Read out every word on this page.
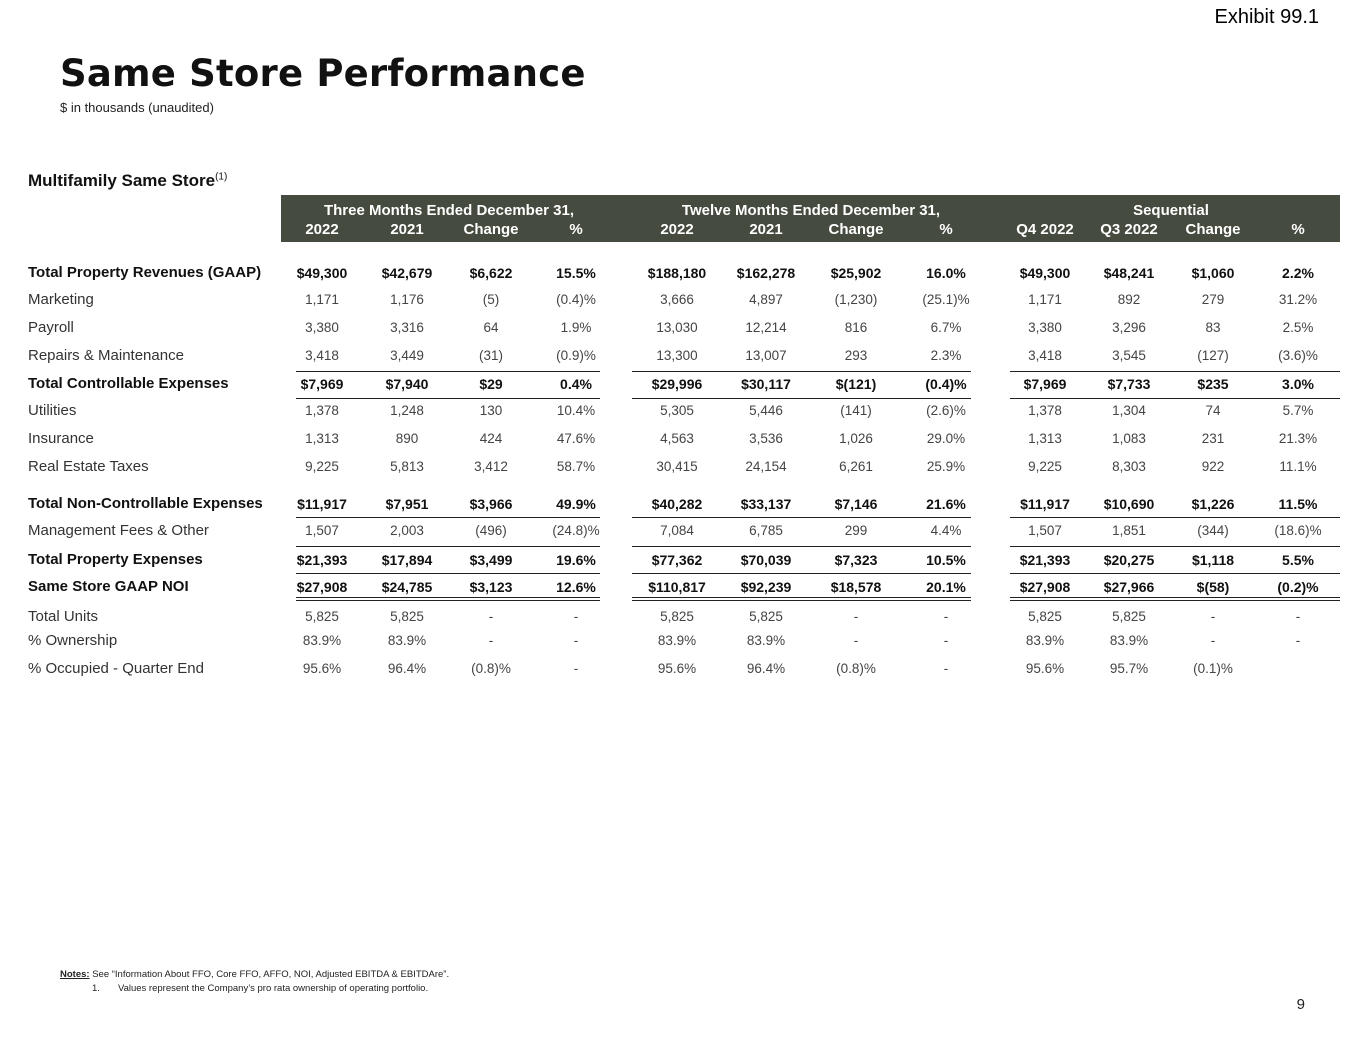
Exhibit 99.1
Same Store Performance
$ in thousands (unaudited)
Multifamily Same Store$^{(1)}$
Three Months Ended December 31,	Twelve Months Ended December 31,	Sequential
2022	2021	Change	%	2022	2021	Change	%	Q4 2022	Q3 2022	Change	%
Total Property Revenues (GAAP)	$49,300	$42,679	$6,622	15.5%	$188,180	$162,278	$25,902	16.0%	$49,300	$48,241	$1,060	2.2%
Marketing	1,171	1,176	(5)	(0.4)%	3,666	4,897	(1,230)	(25.1)%	1,171	892	279	31.2%
Payroll	3,380	3,316	64	1.9%	13,030	12,214	816	6.7%	3,380	3,296	83	2.5%
Repairs & Maintenance	3,418	3,449	(31)	(0.9)%	13,300	13,007	293	2.3%	3,418	3,545	(127)	(3.6)%
Total Controllable Expenses	$7,969	$7,940	$29	0.4%	$29,996	$30,117	$(121)	(0.4)%	$7,969	$7,733	$235	3.0%
Utilities	1,378	1,248	130	10.4%	5,305	5,446	(141)	(2.6)%	1,378	1,304	74	5.7%
Insurance	1,313	890	424	47.6%	4,563	3,536	1,026	29.0%	1,313	1,083	231	21.3%
Real Estate Taxes	9,225	5,813	3,412	58.7%	30,415	24,154	6,261	25.9%	9,225	8,303	922	11.1%
Total Non-Controllable Expenses	$11,917	$7,951	$3,966	49.9%	$40,282	$33,137	$7,146	21.6%	$11,917	$10,690	$1,226	11.5%
Management Fees & Other	1,507	2,003	(496)	(24.8)%	7,084	6,785	299	4.4%	1,507	1,851	(344)	(18.6)%
Total Property Expenses	$21,393	$17,894	$3,499	19.6%	$77,362	$70,039	$7,323	10.5%	$21,393	$20,275	$1,118	5.5%
Same Store GAAP NOI	$27,908	$24,785	$3,123	12.6%	$110,817	$92,239	$18,578	20.1%	$27,908	$27,966	$(58)	(0.2)%
Total Units	5,825	5,825	-	-	5,825	5,825	-	-	5,825	5,825	-	-
% Ownership	83.9%	83.9%	-	-	83.9%	83.9%	-	-	83.9%	83.9%	-	-
% Occupied - Quarter End	95.6%	96.4%	(0.8)%	-	95.6%	96.4%	(0.8)%	-	95.6%	95.7%	(0.1)%
Notes: See “Information About FFO, Core FFO, AFFO, NOI, Adjusted EBITDA & EBITDAre”.
1. Values represent the Company’s pro rata ownership of operating portfolio.
9
